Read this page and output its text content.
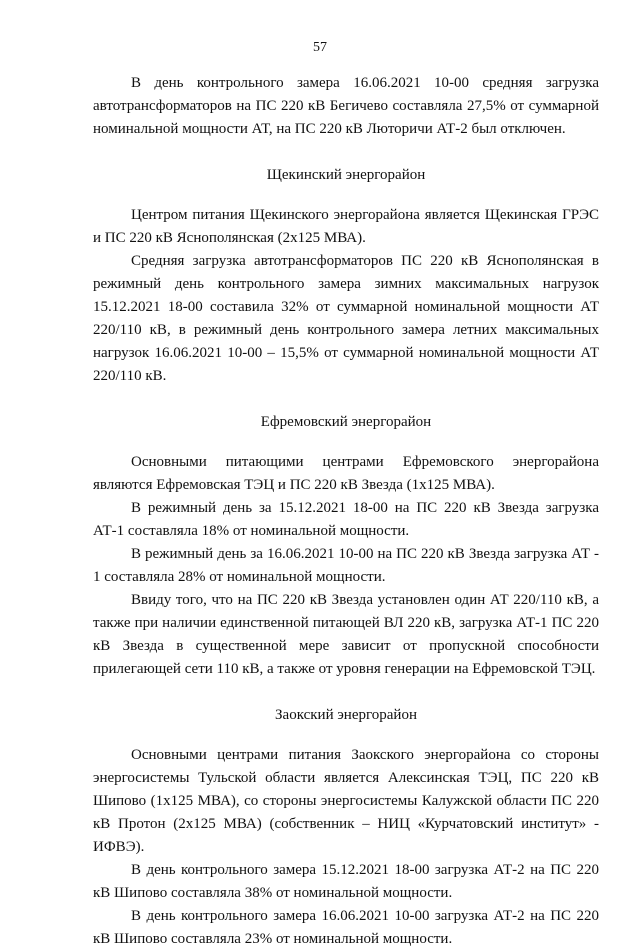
57

В день контрольного замера 16.06.2021 10-00 средняя загрузка автотрансформаторов на ПС 220 кВ Бегичево составляла 27,5% от суммарной номинальной мощности АТ, на ПС 220 кВ Люторичи АТ-2 был отключен.

Щекинский энергорайон

Центром питания Щекинского энергорайона является Щекинская ГРЭС и ПС 220 кВ Яснополянская (2х125 МВА).

Средняя загрузка автотрансформаторов ПС 220 кВ Яснополянская в режимный день контрольного замера зимних максимальных нагрузок 15.12.2021 18-00 составила 32% от суммарной номинальной мощности АТ 220/110 кВ, в режимный день контрольного замера летних максимальных нагрузок 16.06.2021 10-00 – 15,5% от суммарной номинальной мощности АТ 220/110 кВ.

Ефремовский энергорайон

Основными питающими центрами Ефремовского энергорайона являются Ефремовская ТЭЦ и ПС 220 кВ Звезда (1х125 МВА).

В режимный день за 15.12.2021 18-00 на ПС 220 кВ Звезда загрузка АТ-1 составляла 18% от номинальной мощности.

В режимный день за 16.06.2021 10-00 на ПС 220 кВ Звезда загрузка АТ - 1 составляла 28% от номинальной мощности.

Ввиду того, что на ПС 220 кВ Звезда установлен один АТ 220/110 кВ, а также при наличии единственной питающей ВЛ 220 кВ, загрузка АТ-1 ПС 220 кВ Звезда в существенной мере зависит от пропускной способности прилегающей сети 110 кВ, а также от уровня генерации на Ефремовской ТЭЦ.

Заокский энергорайон

Основными центрами питания Заокского энергорайона со стороны энергосистемы Тульской области является Алексинская ТЭЦ, ПС 220 кВ Шипово (1х125 МВА), со стороны энергосистемы Калужской области ПС 220 кВ Протон (2х125 МВА) (собственник – НИЦ «Курчатовский институт» - ИФВЭ).

В день контрольного замера 15.12.2021 18-00 загрузка АТ-2 на ПС 220 кВ Шипово составляла 38% от номинальной мощности.

В день контрольного замера 16.06.2021 10-00 загрузка АТ-2 на ПС 220 кВ Шипово составляла 23% от номинальной мощности.
